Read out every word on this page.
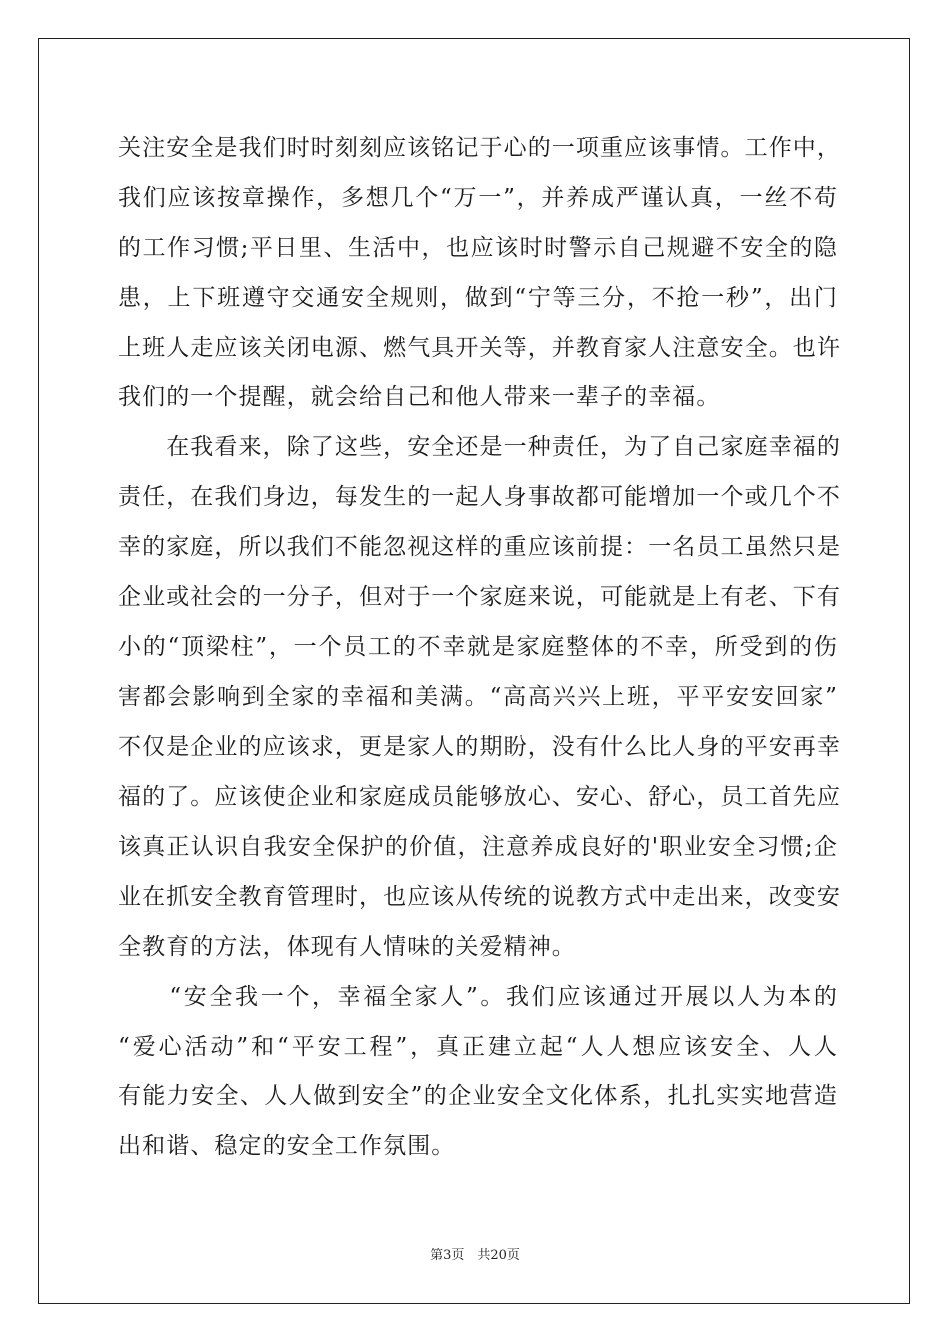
关注安全是我们时时刻刻应该铭记于心的一项重应该事情。工作中，
我们应该按章操作，多想几个“万一”，并养成严谨认真，一丝不苟
的工作习惯;平日里、生活中，也应该时时警示自己规避不安全的隐
患，上下班遵守交通安全规则，做到“宁等三分，不抢一秒”，出门
上班人走应该关闭电源、燃气具开关等，并教育家人注意安全。也许
我们的一个提醒，就会给自己和他人带来一辈子的幸福。
　　在我看来，除了这些，安全还是一种责任，为了自己家庭幸福的
责任，在我们身边，每发生的一起人身事故都可能增加一个或几个不
幸的家庭，所以我们不能忽视这样的重应该前提：一名员工虽然只是
企业或社会的一分子，但对于一个家庭来说，可能就是上有老、下有
小的“顶梁柱”，一个员工的不幸就是家庭整体的不幸，所受到的伤
害都会影响到全家的幸福和美满。“高高兴兴上班，平平安安回家”
不仅是企业的应该求，更是家人的期盼，没有什么比人身的平安再幸
福的了。应该使企业和家庭成员能够放心、安心、舒心，员工首先应
该真正认识自我安全保护的价值，注意养成良好的'职业安全习惯;企
业在抓安全教育管理时，也应该从传统的说教方式中走出来，改变安
全教育的方法，体现有人情味的关爱精神。
　　“安全我一个，幸福全家人”。我们应该通过开展以人为本的
“爱心活动”和“平安工程”，真正建立起“人人想应该安全、人人
有能力安全、人人做到安全”的企业安全文化体系，扎扎实实地营造
出和谐、稳定的安全工作氛围。
第3页　共20页
